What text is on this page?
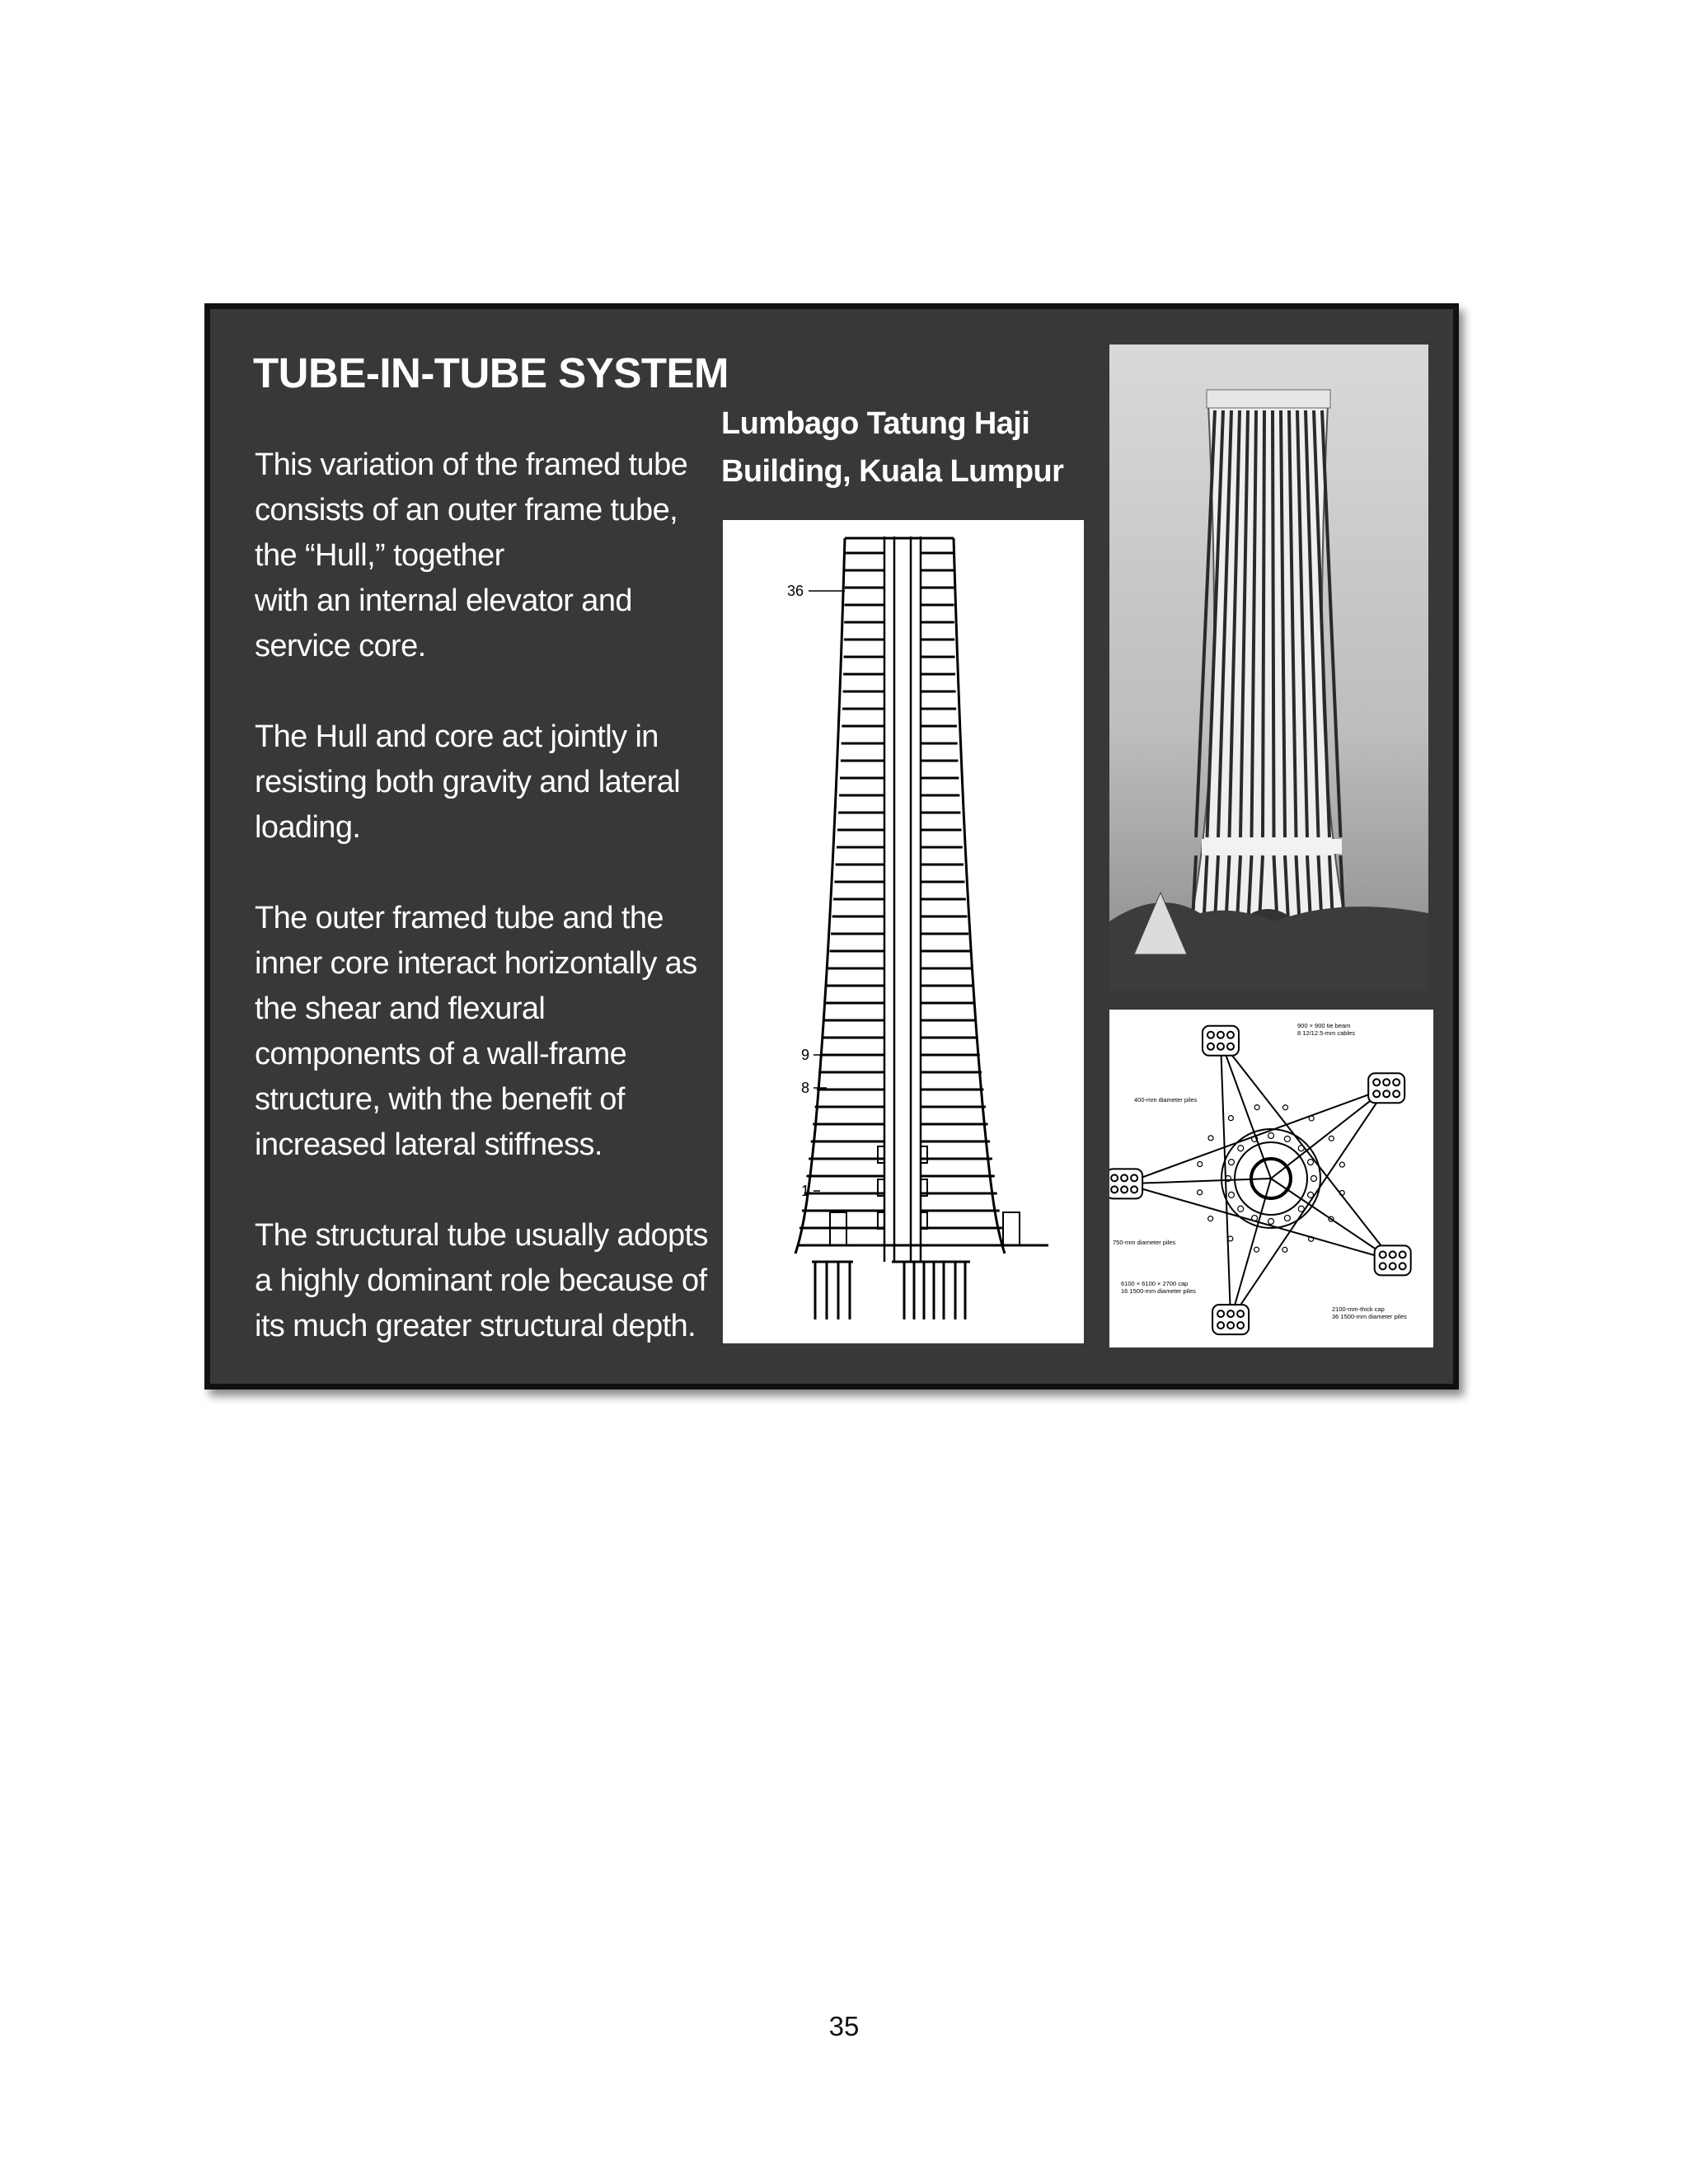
TUBE-IN-TUBE SYSTEM

This variation of the framed tube
consists of an outer frame tube,
the “Hull,” together
with an internal elevator and
service core.

The Hull and core act jointly in
resisting both gravity and lateral
loading.

The outer framed tube and the
inner core interact horizontally as
the shear and flexural
components of a wall-frame
structure, with the benefit of
increased lateral stiffness.

The structural tube usually adopts
a highly dominant role because of
its much greater structural depth.

Lumbago Tatung Haji
Building, Kuala Lumpur
36
9
8
1
900 × 900 tie beam
8 12/12.5-mm cables
400-mm diameter piles
750-mm diameter piles
6100 × 6100 × 2700 cap
16 1500-mm diameter piles
2100-mm-thick cap
36 1500-mm diameter piles
35
